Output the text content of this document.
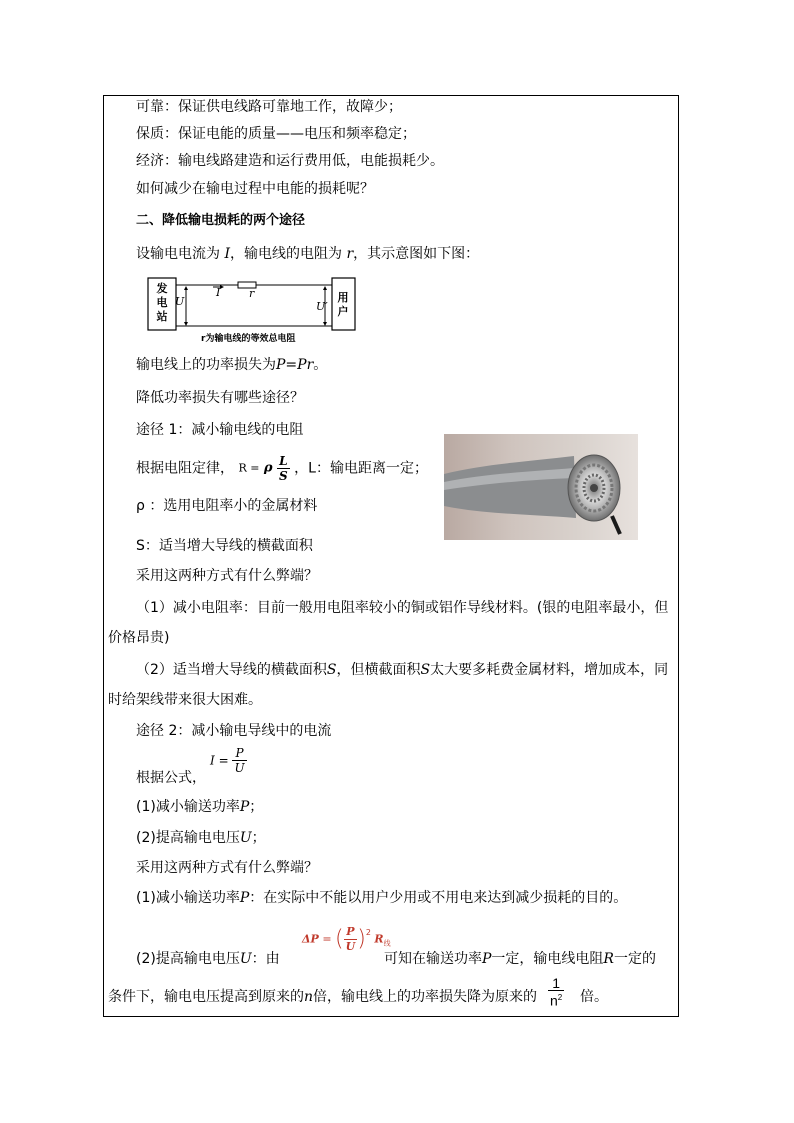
可靠：保证供电线路可靠地工作，故障少；
保质：保证电能的质量——电压和频率稳定；
经济：输电线路建造和运行费用低，电能损耗少。
如何减少在输电过程中电能的损耗呢？
二、降低输电损耗的两个途径
设输电电流为 I，输电线的电阻为 r，其示意图如下图：
发电站
用户
U	U′
I	r
r为输电线的等效总电阻
输电线上的功率损失为P=Pr。
降低功率损失有哪些途径？
途径 1：减小输电线的电阻
根据电阻定律， R = ρ $\frac{L}{S}$ ，L：输电距离一定；
ρ ：选用电阻率小的金属材料
S：适当增大导线的横截面积
采用这两种方式有什么弊端？
（1）减小电阻率：目前一般用电阻率较小的铜或铝作导线材料。(银的电阻率最小，但
价格昂贵)
（2）适当增大导线的横截面积S，但横截面积S太大要多耗费金属材料，增加成本，同
时给架线带来很大困难。
途径 2：减小输电导线中的电流
根据公式，
$I = \frac{P}{U}$
(1)减小输送功率P；
(2)提高输电电压U；
采用这两种方式有什么弊端？
(1)减小输送功率P：在实际中不能以用户少用或不用电来达到减少损耗的目的。
(2)提高输电电压U：由
ΔP = ( $\frac{P}{U} )^2$ $R_线$
可知在输送功率P一定，输电线电阻R一定的
条件下，输电电压提高到原来的n倍，输电线上的功率损失降为原来的 $\frac{1}{n^2}$ 倍。
